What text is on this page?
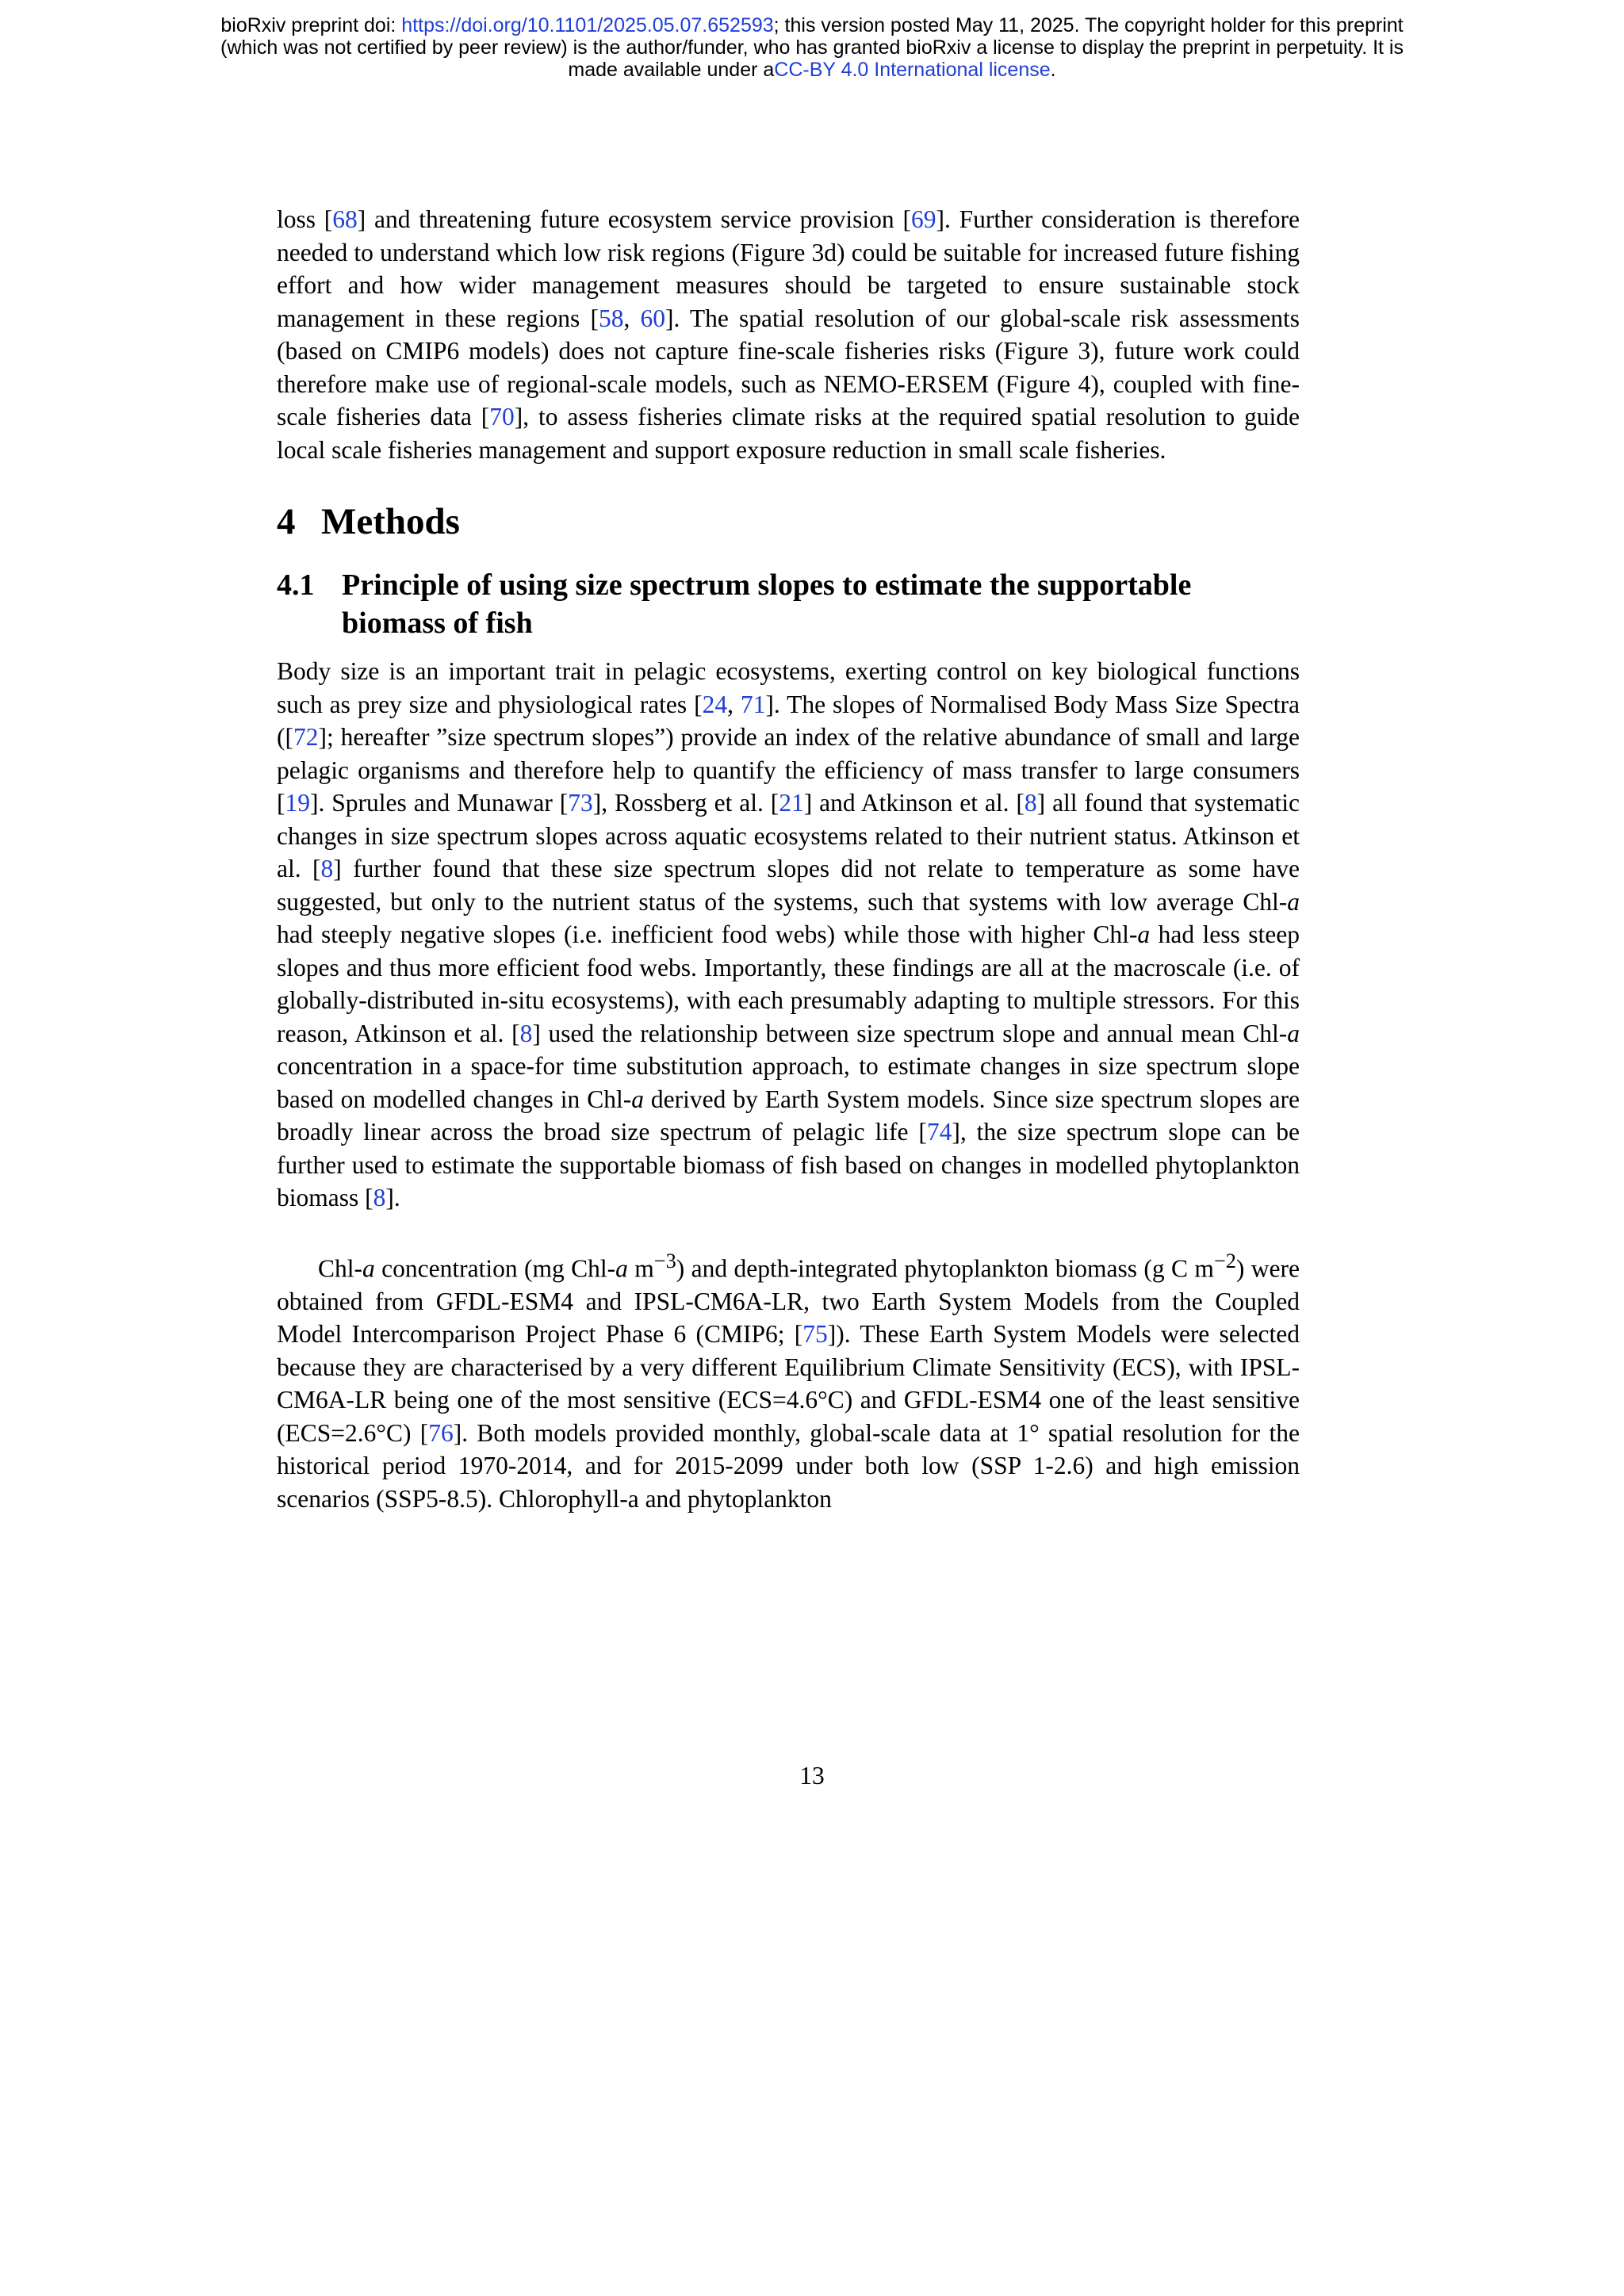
bioRxiv preprint doi: https://doi.org/10.1101/2025.05.07.652593; this version posted May 11, 2025. The copyright holder for this preprint
(which was not certified by peer review) is the author/funder, who has granted bioRxiv a license to display the preprint in perpetuity. It is
made available under aCC-BY 4.0 International license.

loss [68] and threatening future ecosystem service provision [69]. Further consideration is therefore needed to understand which low risk regions (Figure 3d) could be suitable for increased future fishing effort and how wider management measures should be targeted to ensure sustainable stock management in these regions [58, 60]. The spatial resolution of our global-scale risk assessments (based on CMIP6 models) does not capture fine-scale fisheries risks (Figure 3), future work could therefore make use of regional-scale models, such as NEMO-ERSEM (Figure 4), coupled with fine-scale fisheries data [70], to assess fisheries climate risks at the required spatial resolution to guide local scale fisheries management and support exposure reduction in small scale fisheries.

4 Methods
4.1 Principle of using size spectrum slopes to estimate the supportable biomass of fish

Body size is an important trait in pelagic ecosystems, exerting control on key biological functions such as prey size and physiological rates [24, 71]. The slopes of Normalised Body Mass Size Spectra ([72]; hereafter ”size spectrum slopes”) provide an index of the relative abundance of small and large pelagic organisms and therefore help to quantify the efficiency of mass transfer to large consumers [19]. Sprules and Munawar [73], Rossberg et al. [21] and Atkinson et al. [8] all found that systematic changes in size spectrum slopes across aquatic ecosystems related to their nutrient status. Atkinson et al. [8] further found that these size spectrum slopes did not relate to temperature as some have suggested, but only to the nutrient status of the systems, such that systems with low average Chl-a had steeply negative slopes (i.e. inefficient food webs) while those with higher Chl-a had less steep slopes and thus more efficient food webs. Importantly, these findings are all at the macroscale (i.e. of globally-distributed in-situ ecosystems), with each presumably adapting to multiple stressors. For this reason, Atkinson et al. [8] used the relationship between size spectrum slope and annual mean Chl-a concentration in a space-for time substitution approach, to estimate changes in size spectrum slope based on modelled changes in Chl-a derived by Earth System models. Since size spectrum slopes are broadly linear across the broad size spectrum of pelagic life [74], the size spectrum slope can be further used to estimate the supportable biomass of fish based on changes in modelled phytoplankton biomass [8].

Chl-a concentration (mg Chl-a $m^{-3}$) and depth-integrated phytoplankton biomass (g C $m^{-2}$) were obtained from GFDL-ESM4 and IPSL-CM6A-LR, two Earth System Models from the Coupled Model Intercomparison Project Phase 6 (CMIP6; [75]). These Earth System Models were selected because they are characterised by a very different Equilibrium Climate Sensitivity (ECS), with IPSL-CM6A-LR being one of the most sensitive (ECS=4.6°C) and GFDL-ESM4 one of the least sensitive (ECS=2.6°C) [76]. Both models provided monthly, global-scale data at 1° spatial resolution for the historical period 1970-2014, and for 2015-2099 under both low (SSP 1-2.6) and high emission scenarios (SSP5-8.5). Chlorophyll-a and phytoplankton

13
